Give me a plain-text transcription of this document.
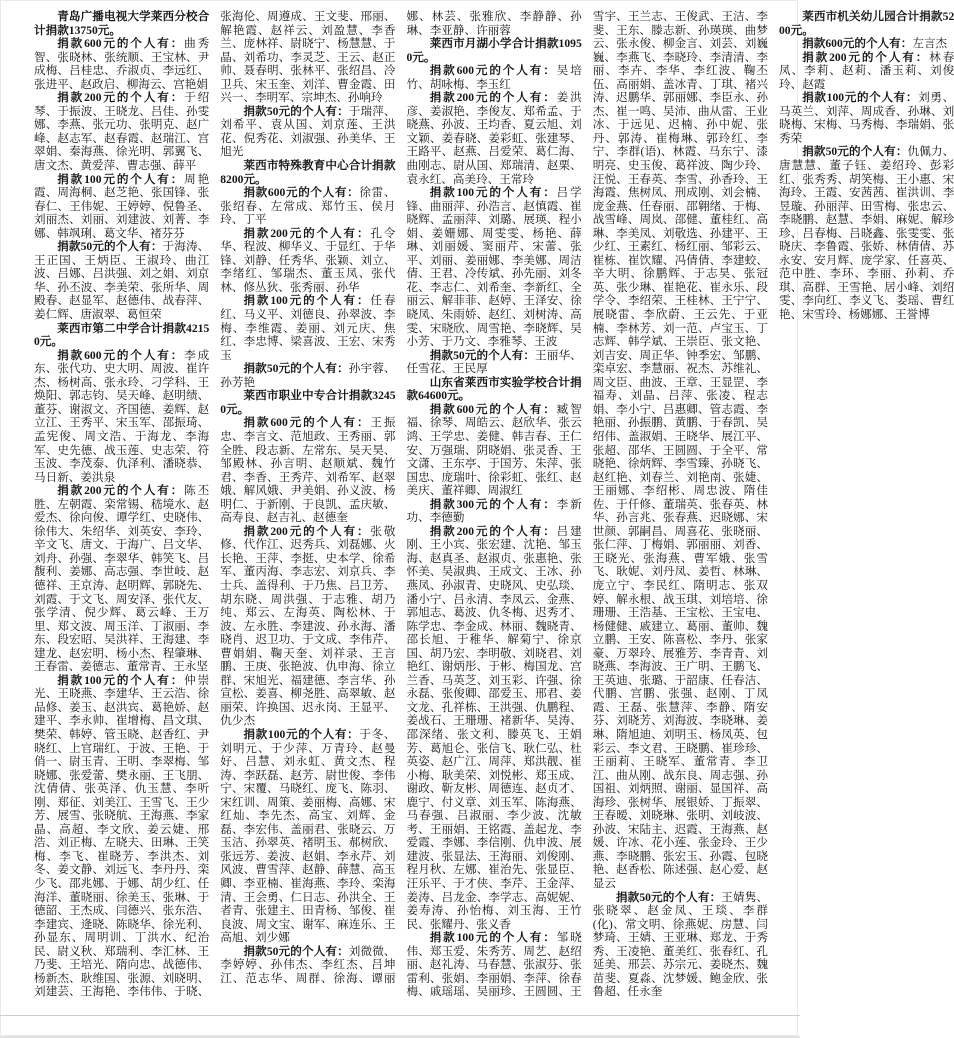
青岛广播电视大学莱西分校合计捐款13750元。

捐款600元的个人有：曲秀智、张晓林、张统顺、王宝林、尹成梅、吕桂忠、乔淑贞、李远红、张进平、赵政启、柳海云、宫艳娟

捐款200元的个人有：于绍琴、于振波、王晓龙、吕佳、孙雯娜、李燕、张元功、张明克、赵广峰、赵志军、赵春霞、赵瑞江、宫翠娟、秦海燕、徐光明、郭翼飞、唐文杰、黄爱萍、曹志强、薛平

捐款100元的个人有：周艳霞、周海桐、赵芝艳、张国锋、张春仁、王伟妮、王婷婷、倪鲁圣、刘丽杰、刘丽、刘建波、刘菁、李娜、韩飒琍、葛文华、褚芬芬

捐款50元的个人有：于海涛、王正国、王炳臣、王淑玲、曲江波、吕娜、吕洪强、刘之娟、刘京华、孙丕波、李美荣、张所华、周殿春、赵显军、赵德伟、战春萍、姜仁辉、唐淑翠、葛恒荣

莱西市第二中学合计捐款42150元。

捐款600元的个人有：李成东、张代功、史大明、周波、崔许杰、杨树高、张永玲、刁学科、王焕阳、郭志钧、吴天峰、赵明绩、董芬、谢淑文、齐国德、姜辉、赵立江、王秀平、宋玉军、邵振琦、孟宪俊、周文浩、于海龙、李海军、史先德、战玉莲、史志荣、符玉波、李茂泰、仇泽利、潘晓恭、马日新、姜洪泉

捐款200元的个人有：陈丕胜、左朝霞、栾常锡、嵇境水、赵爱杰、徐向俊、谭学红、史晓伟、徐伟大、朱绍华、刘英安、李玲、辛文飞、唐文、于海广、吕文华、刘舟、孙强、李翠华、韩笑飞、吕馥利、姜娜、高志强、李世岐、赵德祥、王京涛、赵明辉、郭晓先、刘霞、于文飞、周安泽、张代友、张学清、倪少辉、葛云峰、王万里、郑文波、周玉洋、丁淑丽、李东、段宏昭、吴洪祥、王海建、李建龙、赵宏明、杨小杰、程肇琳、王春雷、姜德志、董常青、王永坚

捐款100元的个人有：仲崇光、王晓燕、李建华、王云浩、徐品修、姜玉、赵洪宾、葛艳娇、赵建平、李永帅、崔增梅、昌文琪、樊荣、韩婷、管玉晓、赵香红、尹晓红、上官瑞红、于波、王艳、于俏一、尉玉青、王明、李翠梅、邹晓娜、张爱蕾、樊永丽、王飞朋、沈倩倩、张英泽、仇玉慧、李听刚、郑征、刘美江、王雪飞、王少芳、展雪、张晓航、王海燕、李家晶、高超、李文欣、姜云婕、邢浩、刘正梅、左晓夫、田琳、王笑梅、李飞、崔晓芳、李洪杰、刘冬、姜文静、刘远飞、李丹丹、栾少飞、邵兆娜、于娜、胡少红、任海洋、董晓丽、徐美玉、张琳、于德韶、王杰成、闫德兴、张东浩、李建宾、逄晓、陈晓华、徐光利、孙显东、周明训、丁洪水、纪治民、尉义秋、郑瑞利、李汇林、王乃斐、王培光、隋向忠、战德伟、杨新杰、耿维国、张源、刘晓明、刘建芸、王海艳、李伟伟、于晓、张海伦、周遵成、王文斐、邢丽、解艳霞、赵祥云、刘盈慧、李香兰、庞林祥、尉晓宁、杨慧慧、于晶、刘希功、李灵芝、王云、赵正帅、聂春明、张林平、张绍昌、冷卫兵、宋玉奎、刘洋、曹金霞、田兴一、李明军、宗坤杰、孙响玲

捐款50元的个人有：于瑞萍、刘希平、袁从国、刘京莲、王洪花、倪秀花、刘淑强、孙美华、王旭光

莱西市特殊教育中心合计捐款8200元。

捐款600元的个人有：徐雷、张绍春、左常成、郑竹玉、侯月玲、丁平

捐款200元的个人有：孔令华、程波、柳华义、于显红、于华锋、刘静、任秀华、张颖、刘立、李绪红、邹瑞杰、董玉凤、张代林、修丛狄、张秀丽、孙华

捐款100元的个人有：任春红、马义平、刘德良、孙翠波、李梅、李维霞、姜丽、刘元庆、焦红、李忠博、梁喜波、王宏、宋秀玉

捐款50元的个人有：孙宇蓉、孙芳艳

莱西市职业中专合计捐款32450元。

捐款600元的个人有：王振忠、李言文、范旭政、王秀丽、郭全胜、段志新、左常东、吴天昊、邹殿林、孙言明、赵顺斌、魏竹君、李香、王秀芹、刘希军、赵翠娥、解风娥、尹美娟、孙义波、杨明仁、于新刚、于良凯、孟庆敏、高寿良、赵吉礼、赵德奎

捐款200元的个人有：张敬修、代作江、迟秀兵、刘磊娜、火长艳、王萍、李挺、史本学、徐希军、董丙海、李志宏、刘京兵、李士兵、盖得利、于乃焦、吕卫芳、胡东晓、周洪强、于志雅、胡乃纯、郑云、左海英、陶松林、于波、左永胜、李建波、孙永海、潘晓肖、迟卫功、于文成、李伟芹、曹娟娟、鞠天奎、刘祥录、王言鹏、王庚、张艳波、仇申海、徐立群、宋旭光、福建德、李言华、孙宣松、姜喜、柳尧胜、高翠敏、赵丽荣、许换国、迟永岗、王显平、仇少杰

捐款100元的个人有：于冬、刘明元、于少萍、万青玲、赵曼好、吕慧、刘永虹、黄文杰、程涛、李跃磊、赵芳、尉世俊、李伟宁、宋覆、马晓红、庞飞、陈羽、宋红训、周策、姜丽梅、高娜、宋红灿、李先杰、高宝、刘辉、金磊、李宏伟、盖丽君、张晓云、万玉洁、孙翠英、褚明玉、郝树欣、张远芳、姜波、赵娟、李永芹、刘风波、曹雪萍、赵静、薛慧、高玉卿、李亚楠、崔海燕、李玲、栾海清、王会勇、仁日志、孙洪全、王者青、张建主、田青杨、邹俊、崔良波、周文宝、谢军、麻连乐、王高旭、刘少娜

捐款50元的个人有：刘微微、李婷婷、孙伟杰、李红杰、吕坤江、范志华、周群、徐海、谭丽娜、林芸、张雅欣、李静静、孙琳、李亚静、许丽蓉

莱西市月湖小学合计捐款10950元。

捐款600元的个人有：吴培竹、胡咏梅、李玉红

捐款200元的个人有：姜洪彦、姜淑艳、李俊友、郑希孟、于晓燕、孙波、王均香、夏云旭、刘文颖、姜春晓、姜彩虹、张建琴、王路平、赵燕、吕爱荣、葛仁海、曲刚志、尉从国、郑瑞清、赵栗、袁永红、高美玲、王常玲

捐款100元的个人有：吕学锋、曲丽萍、孙浩言、赵慎霞、崔晓辉、孟丽萍、刘璐、展瑛、程小娟、姜姗娜、周雯雯、杨艳、薛琳、刘丽媛、窦丽芹、宋蕾、张平、刘丽、姜丽娜、李美娜、周洁倩、王君、冷传斌、孙先丽、刘冬花、李志仁、刘希奎、李新红、全丽云、解菲菲、赵婷、王泽安、徐晓凤、朱雨娇、赵红、刘树涛、高雯、宋晓欣、周雪艳、李晓辉、吴小芳、于乃文、李雅琴、王波

捐款50元的个人有：王丽华、任雪花、王民厚

山东省莱西市实验学校合计捐款64600元。

捐款600元的个人有：臧智福、徐琴、周皓云、赵欣华、张云鸿、王学忠、姜健、韩吉春、王仁安、万强瑞、阴晓娟、张灵香、王文潇、王东亭、于国芳、朱萍、张国忠、庞瑞叶、徐彩虹、张红、赵美庆、董祥卿、周淑红

捐款300元的个人有：李新功、李德勤

捐款200元的个人有：吕建刚、王小宾、张宏建、沈艳、邹玉海、赵真圣、赵淑贞、张惠艳、张怀美、吴淑典、王成文、王冰、孙燕凤、孙淑青、史晓风、史弘琰、潘小宁、吕永清、李凤云、金燕、郭旭志、葛波、仇冬梅、迟秀才、陈学忠、李金成、林丽、魏晓青、邵长旭、于稚华、解菊宁、徐京国、胡乃宏、李明敬、刘晓君、刘艳红、谢炳彤、于彬、梅国龙、宫兰香、马英芝、刘玉彩、许强、徐永磊、张俊卿、邵爱玉、邢君、姜文龙、孔祥栋、王洪强、仇鹏程、姜战石、王珊珊、褚新华、吴涛、邵深绪、张文利、滕英飞、王娟芳、葛旭仑、张信飞、耿仁弘、杜英姿、赵广江、周萍、郑洪靓、崔小梅、耿美荣、刘悦彬、郑玉成、谢政、靳友彬、周德连、赵贞才、鹿宁、付义章、刘玉军、陈海燕、马春强、吕淑丽、李少波、沈敏考、王丽娟、王铭霞、盖起龙、李爱霞、李娜、李信刚、仇申波、展建波、张显法、王海丽、刘俊刚、程月秋、左娜、崔治先、张显臣、汪乐平、于才侠、李芹、王金萍、姜涛、吕龙金、李学志、高妮妮、姜寿涛、孙怡梅、刘玉海、王竹民、张耀丹、张义香

捐款100元的个人有：邹晓伟、郑玉爱、朱秀芳、周艺、赵绍丽、赵礼涛、马春慧、张淑芬、张雷利、张娟、李丽娟、李萍、徐春梅、戚瑶瑶、吴丽珍、王圆圆、王雪宇、王兰志、王俊武、王洁、李斐、王东、滕志新、孙瑛瑛、曲梦云、张永俊、柳金言、刘芸、刘巍巍、李燕飞、李晓玲、李清清、李丽、李卉、李华、李红波、鞠丕伍、高丽娟、盖冰青、丁琪、褚兴涛、迟鹏华、郭丽娜、李臣永、孙杰、崔一鸣、吴沛、曲从雷、王业冰、于远见、迟楠、孙中妮、张丹、郭涛、崔梅琳、郭玲红、李宁、李群(语)、林霞、马东宁、漆明亮、史玉俊、葛祥波、陶少玲、汪悦、王春英、李雪、孙香玲、王海霞、焦树凤、刑成刚、刘会楠、庞金燕、任春丽、邵翱绪、于梅、战雪峰、周岚、邵健、董桂红、高琳、李美凤、刘敬选、孙建平、王少红、王素红、杨红丽、邹彩云、崔栋、崔饮耀、冯倩倩、李建蛟、辛大明、徐鹏辉、于志昊、张冠英、张少琳、崔艳花、崔永乐、段学令、李绍荣、王桂林、王宁宁、展晓雷、李欣蔚、王云先、于亚楠、李林芳、刘一范、卢宝玉、丁志辉、韩学斌、王崇臣、张文艳、刘吉安、周正华、钟季宏、邹鹏、栾卓宏、李慧丽、祝杰、苏维礼、周文臣、曲波、王章、王显罡、李福寿、刘晶、吕萍、张凌、程志娟、李小宁、吕惠卿、管志霞、李艳丽、孙振鹏、黄鹏、于春凯、吴绍伟、盖淑娟、王晓华、展江平、张超、邵华、王圆圆、于全平、常晓艳、徐炳辉、李雪臻、孙晓飞、赵红艳、刘春兰、刘艳南、张婕、王丽娜、李绍彬、周忠波、隋佳佐、于仟修、董瑞英、张春英、林华、孙言兆、张春燕、迟晓娜、宋世颜、郭嗣昌、周喜花、张晓丽、张仁萍、丁梅娟、郭丽丽、刘香、王晓光、张海燕、曹军娥、张雪飞、耿妮、刘丹凤、姜哲、林琳、庞立宁、李民红、隋明志、张双婷、解永根、战玉琪、刘培培、徐珊珊、王浩基、王宝松、王宝电、杨健健、戚建立、葛丽、董帅、魏立鹏、王安、陈喜松、李丹、张家豪、万翠玲、展雅芳、李青青、刘晓燕、李海波、王广明、王鹏飞、王英迪、张璐、于韶康、任春洁、代鹏、宫鹏、张强、赵刚、丁凤霞、王磊、张慧萍、李静、隋安芬、刘晓芳、刘海波、李晓琳、姜琳、隋旭迪、刘明玉、杨凤英、包彩云、李文君、王晓鹏、崔珍珍、王丽莉、王晓军、董常青、李卫江、曲从刚、战东良、周志强、孙国祖、刘炳照、谢丽、显国祥、高海珍、张树华、展银娇、丁振翠、王春暧、刘晓琳、张明、刘岐波、孙波、宋陆主、迟霞、王海燕、赵媛、许冰、花小莲、张金玲、王少燕、李晓鹏、张宏玉、孙霞、包晓艳、赵香松、陈述强、赵心爱、赵显云

捐款50元的个人有：王婧隽、张晓翠、赵金凤、王琰、李群(化)、常文明、徐燕妮、房慧、闫梦琦、王婧、王亚琳、郑龙、于秀秀、王凌艳、董美红、张春红、孔延美、邢芸、苏宗元、姜晓杰、魏苗斐、夏淼、沈梦媛、鲍金欣、张鲁超、任永奎

莱西市机关幼儿园合计捐款5200元。

捐款600元的个人有：左言杰

捐款200元的个人有：林春凤、李莉、赵莉、潘玉莉、刘俊玲、赵霞

捐款100元的个人有：刘勇、马英兰、刘萍、周成香、孙琳、刘晓梅、宋梅、马秀梅、李瑞娟、张秀荣

捐款50元的个人有：仇佩力、唐慧慧、董子钰、姜绍玲、彭彩红、张秀秀、胡笑梅、王小惠、宋海玲、王霞、安茜茜、崔洪训、李昱璇、孙丽萍、田雪梅、张忠云、李晓鹏、赵慧、李娟、麻妮、解珍珍、吕春梅、吕晓鑫、张雯雯、张晓庆、李鲁霞、张娇、林倩倩、苏永安、安月辉、庞学家、任喜英、范中胜、李环、李丽、孙莉、乔琪、高群、王雪艳、居小峰、刘绍雯、李向红、李义飞、娄瑶、曹红艳、宋雪玲、杨娜娜、王誉博
